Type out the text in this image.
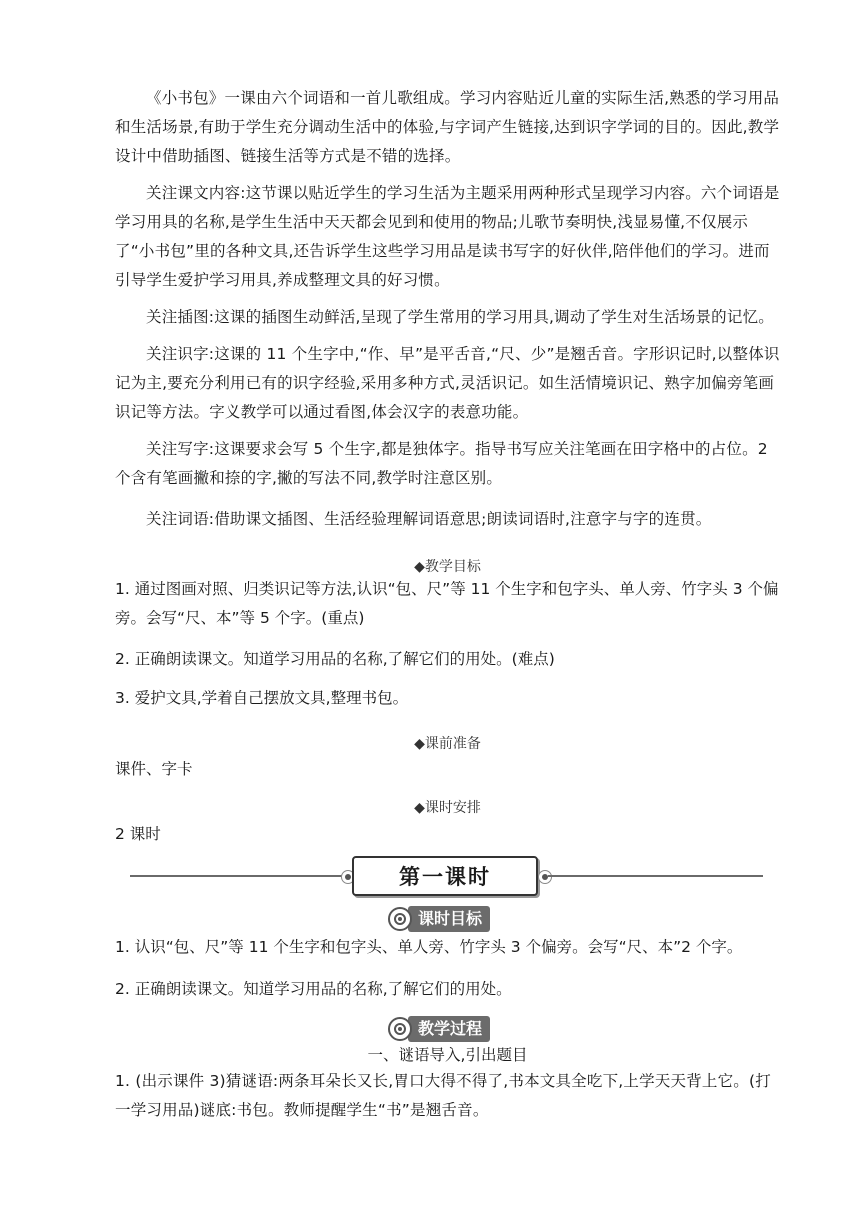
《小书包》一课由六个词语和一首儿歌组成。学习内容贴近儿童的实际生活,熟悉的学习用品和生活场景,有助于学生充分调动生活中的体验,与字词产生链接,达到识字学词的目的。因此,教学设计中借助插图、链接生活等方式是不错的选择。

关注课文内容:这节课以贴近学生的学习生活为主题采用两种形式呈现学习内容。六个词语是学习用具的名称,是学生生活中天天都会见到和使用的物品;儿歌节奏明快,浅显易懂,不仅展示了“小书包”里的各种文具,还告诉学生这些学习用品是读书写字的好伙伴,陪伴他们的学习。进而引导学生爱护学习用具,养成整理文具的好习惯。

关注插图:这课的插图生动鲜活,呈现了学生常用的学习用具,调动了学生对生活场景的记忆。

关注识字:这课的 11 个生字中,“作、早”是平舌音,“尺、少”是翘舌音。字形识记时,以整体识记为主,要充分利用已有的识字经验,采用多种方式,灵活识记。如生活情境识记、熟字加偏旁笔画识记等方法。字义教学可以通过看图,体会汉字的表意功能。

关注写字:这课要求会写 5 个生字,都是独体字。指导书写应关注笔画在田字格中的占位。2 个含有笔画撇和捺的字,撇的写法不同,教学时注意区别。

关注词语:借助课文插图、生活经验理解词语意思;朗读词语时,注意字与字的连贯。

◆教学目标

1. 通过图画对照、归类识记等方法,认识“包、尺”等 11 个生字和包字头、单人旁、竹字头 3 个偏旁。会写“尺、本”等 5 个字。(重点)

2. 正确朗读课文。知道学习用品的名称,了解它们的用处。(难点)

3. 爱护文具,学着自己摆放文具,整理书包。

◆课前准备
课件、字卡
◆课时安排
2 课时
第一课时
课时目标

1. 认识“包、尺”等 11 个生字和包字头、单人旁、竹字头 3 个偏旁。会写“尺、本”2 个字。

2. 正确朗读课文。知道学习用品的名称,了解它们的用处。

教学过程
一、谜语导入,引出题目

1. (出示课件 3)猜谜语:两条耳朵长又长,胃口大得不得了,书本文具全吃下,上学天天背上它。(打一学习用品)谜底:书包。教师提醒学生“书”是翘舌音。
